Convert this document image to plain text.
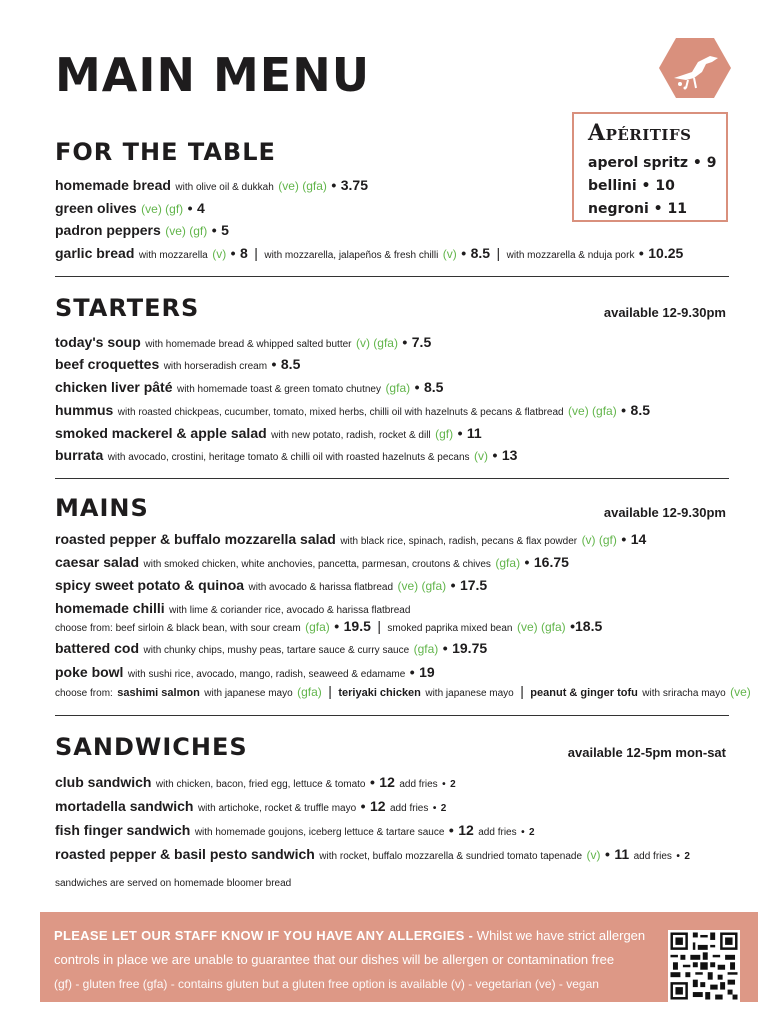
MAIN MENU
Apéritifs
aperol spritz • 9
bellini • 10
negroni • 11
FOR THE TABLE
homemade bread with olive oil & dukkah (ve) (gfa) • 3.75
green olives (ve) (gf) • 4
padron peppers (ve) (gf) • 5
garlic bread with mozzarella (v) • 8 | with mozzarella, jalapeños & fresh chilli (v) • 8.5 | with mozzarella & nduja pork • 10.25
STARTERS	available 12-9.30pm
today's soup with homemade bread & whipped salted butter (v) (gfa) • 7.5
beef croquettes with horseradish cream • 8.5
chicken liver pâté with homemade toast & green tomato chutney (gfa) • 8.5
hummus with roasted chickpeas, cucumber, tomato, mixed herbs, chilli oil with hazelnuts & pecans & flatbread (ve) (gfa) • 8.5
smoked mackerel & apple salad with new potato, radish, rocket & dill (gf) • 11
burrata with avocado, crostini, heritage tomato & chilli oil with roasted hazelnuts & pecans (v) • 13
MAINS	available 12-9.30pm
roasted pepper & buffalo mozzarella salad with black rice, spinach, radish, pecans & flax powder (v) (gf) • 14
caesar salad with smoked chicken, white anchovies, pancetta, parmesan, croutons & chives (gfa) • 16.75
spicy sweet potato & quinoa with avocado & harissa flatbread (ve) (gfa) • 17.5
homemade chilli with lime & coriander rice, avocado & harissa flatbread
choose from: beef sirloin & black bean, with sour cream (gfa) • 19.5 | smoked paprika mixed bean (ve) (gfa) •18.5
battered cod with chunky chips, mushy peas, tartare sauce & curry sauce (gfa) • 19.75
poke bowl with sushi rice, avocado, mango, radish, seaweed & edamame • 19
choose from: sashimi salmon with japanese mayo (gfa) | teriyaki chicken with japanese mayo | peanut & ginger tofu with sriracha mayo (ve)
SANDWICHES	available 12-5pm mon-sat
club sandwich with chicken, bacon, fried egg, lettuce & tomato • 12 add fries • 2
mortadella sandwich with artichoke, rocket & truffle mayo • 12 add fries • 2
fish finger sandwich with homemade goujons, iceberg lettuce & tartare sauce • 12 add fries • 2
roasted pepper & basil pesto sandwich with rocket, buffalo mozzarella & sundried tomato tapenade (v) • 11 add fries • 2
sandwiches are served on homemade bloomer bread
PLEASE LET OUR STAFF KNOW IF YOU HAVE ANY ALLERGIES - Whilst we have strict allergen
controls in place we are unable to guarantee that our dishes will be allergen or contamination free
(gf) - gluten free (gfa) - contains gluten but a gluten free option is available (v) - vegetarian (ve) - vegan
